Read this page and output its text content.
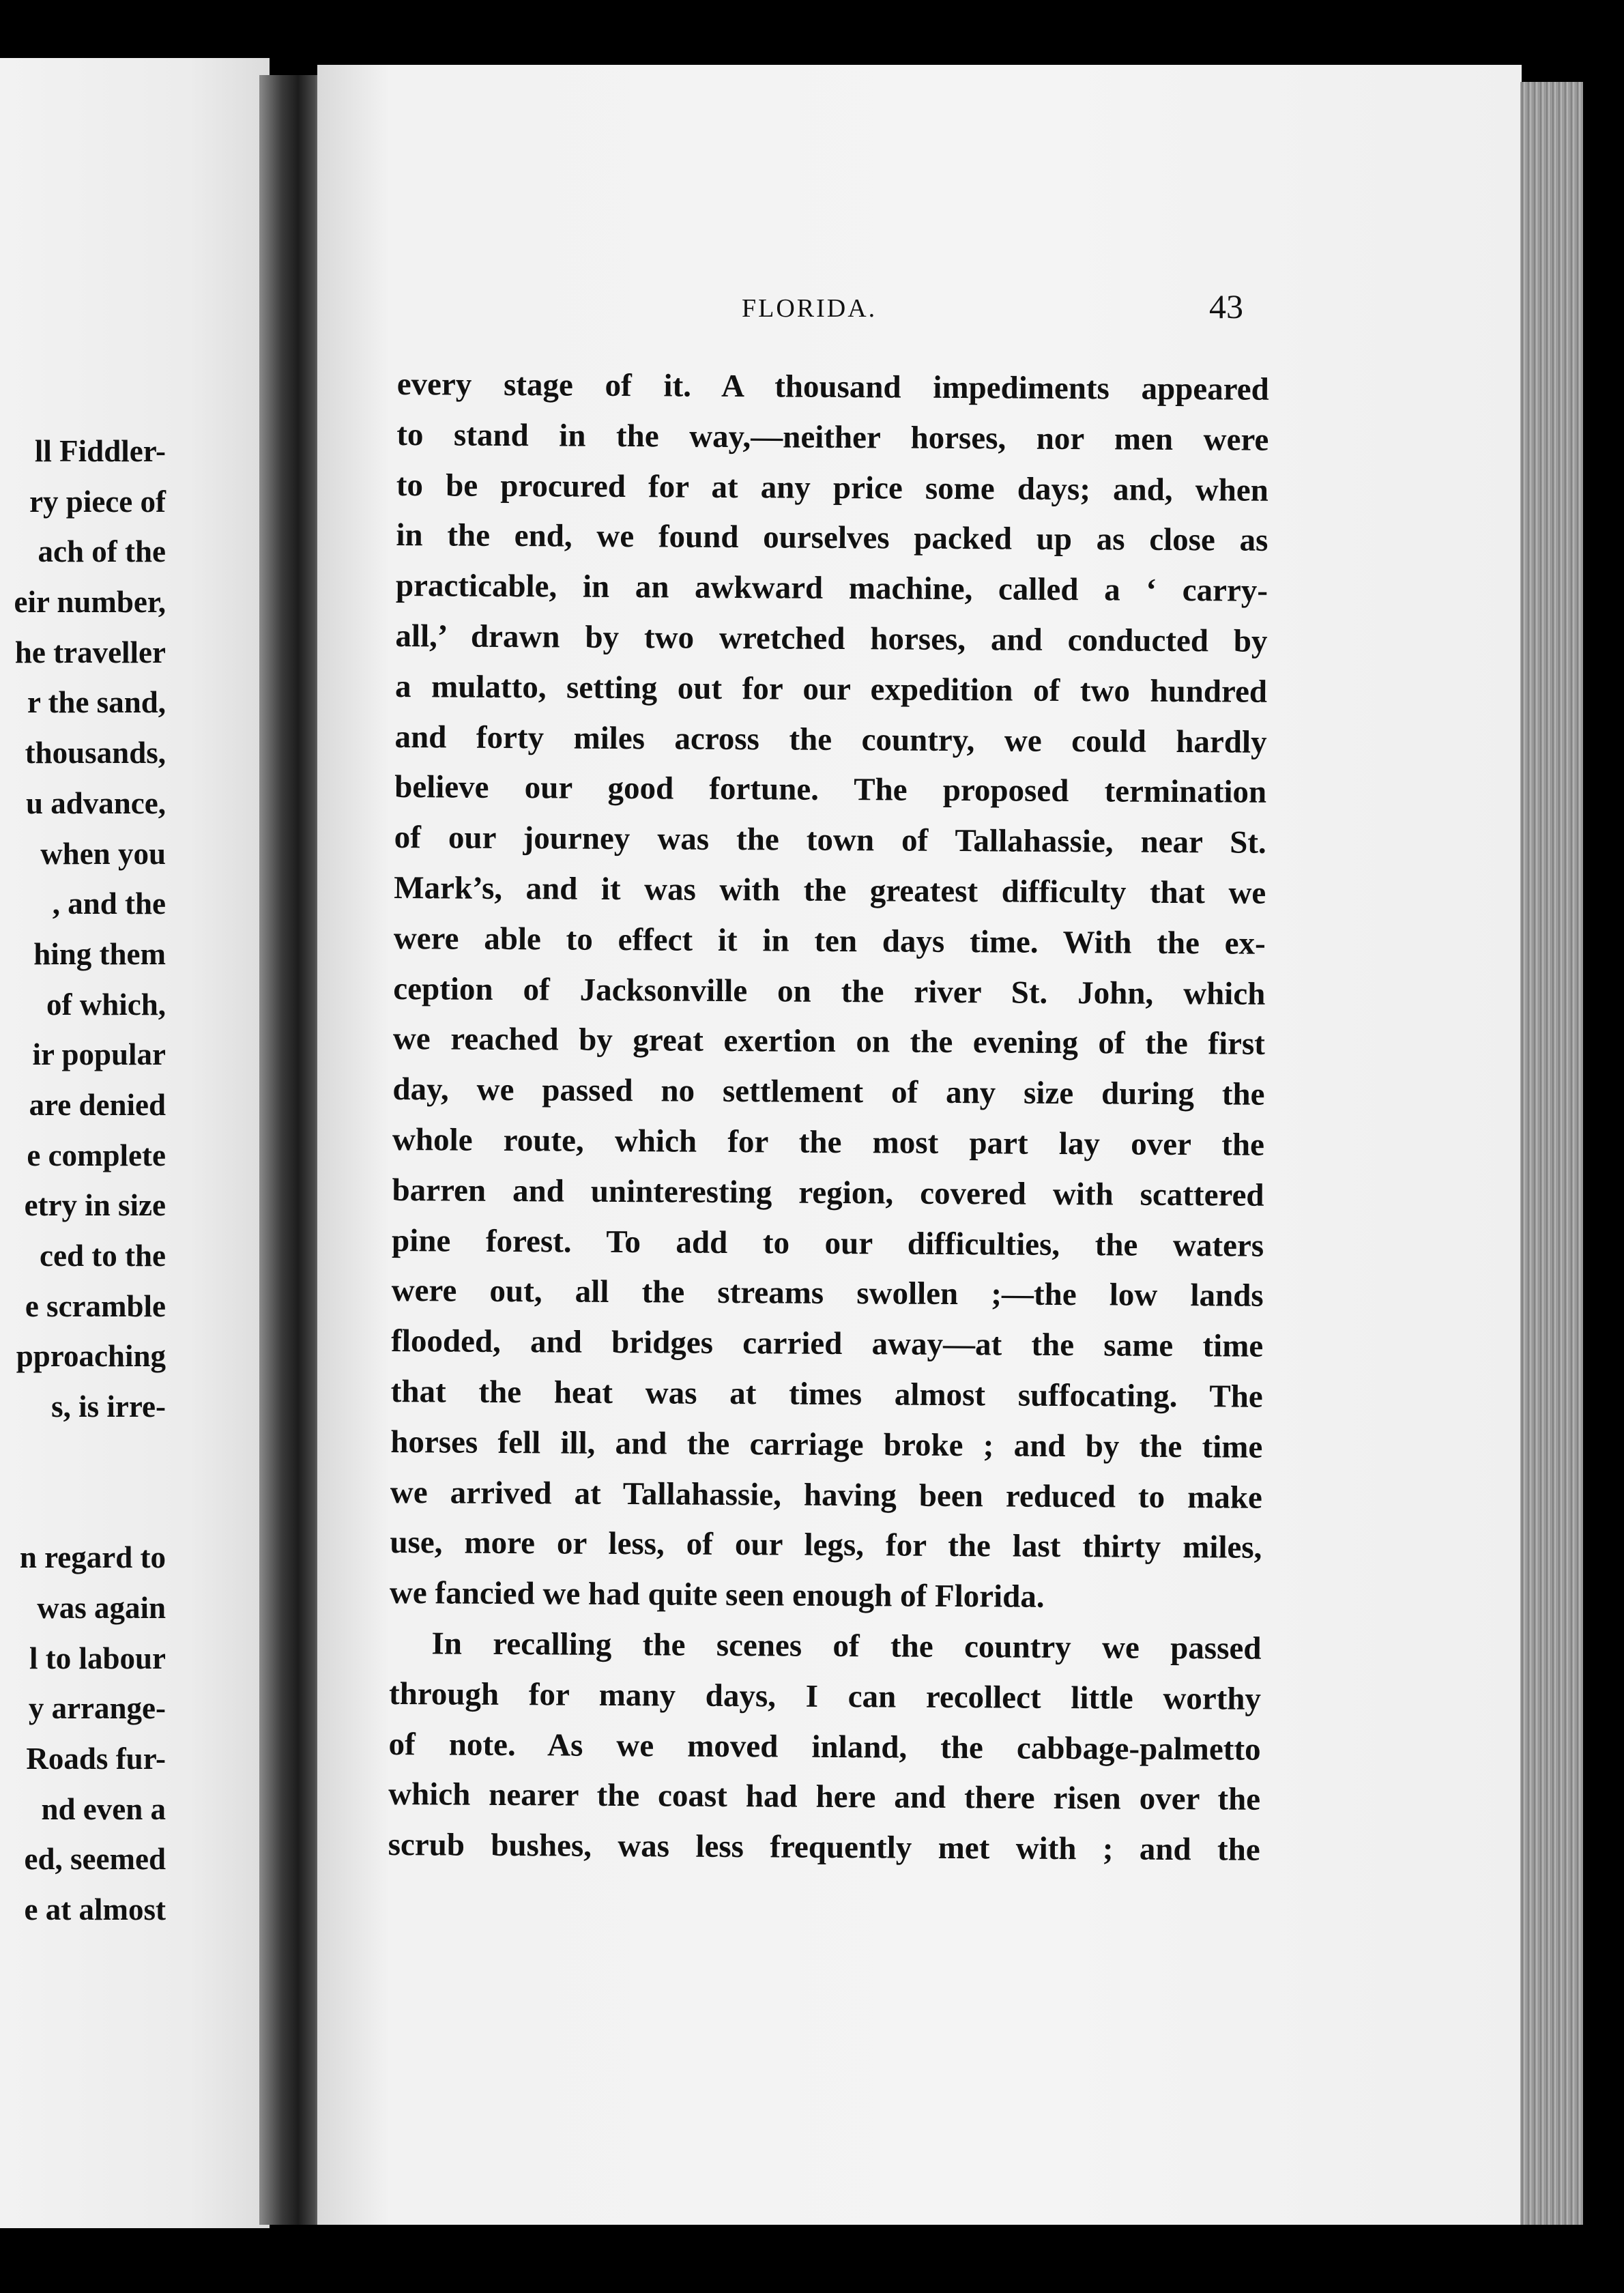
ll Fiddler-
ry piece of
ach of the
eir number,
he traveller
r the sand,
thousands,
u advance,
when you
, and the
hing them
of which,
ir popular
are denied
e complete
etry in size
ced to the
e scramble
pproaching
s, is irre-
n regard to
was again
l to labour
y arrange-
Roads fur-
nd even a
ed, seemed
e at almost
FLORIDA.	43
every stage of it. A thousand impediments appeared
to stand in the way,—neither horses, nor men were
to be procured for at any price some days; and, when
in the end, we found ourselves packed up as close as
practicable, in an awkward machine, called a ‘ carry-
all,’ drawn by two wretched horses, and conducted by
a mulatto, setting out for our expedition of two hundred
and forty miles across the country, we could hardly
believe our good fortune. The proposed termination
of our journey was the town of Tallahassie, near St.
Mark’s, and it was with the greatest difficulty that we
were able to effect it in ten days time. With the ex-
ception of Jacksonville on the river St. John, which
we reached by great exertion on the evening of the first
day, we passed no settlement of any size during the
whole route, which for the most part lay over the
barren and uninteresting region, covered with scattered
pine forest. To add to our difficulties, the waters
were out, all the streams swollen ;—the low lands
flooded, and bridges carried away—at the same time
that the heat was at times almost suffocating. The
horses fell ill, and the carriage broke ; and by the time
we arrived at Tallahassie, having been reduced to make
use, more or less, of our legs, for the last thirty miles,
we fancied we had quite seen enough of Florida.
In recalling the scenes of the country we passed
through for many days, I can recollect little worthy
of note. As we moved inland, the cabbage-palmetto
which nearer the coast had here and there risen over the
scrub bushes, was less frequently met with ; and the
